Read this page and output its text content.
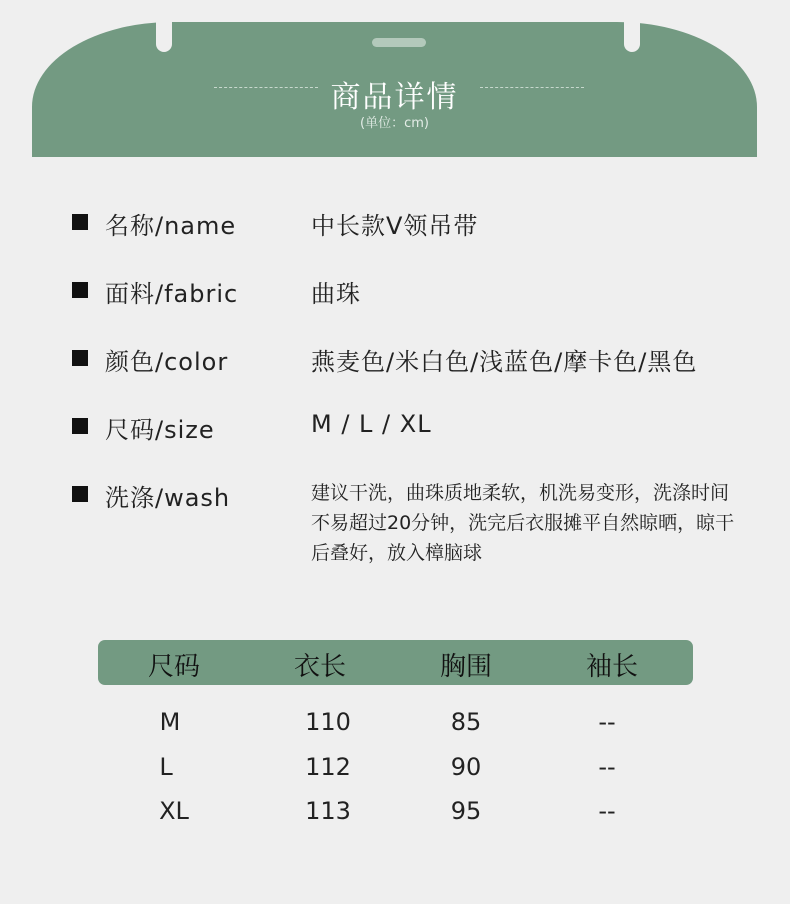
商品详情
(单位：cm)
名称/name	中长款V领吊带
面料/fabric	曲珠
颜色/color	燕麦色/米白色/浅蓝色/摩卡色/黑色
尺码/size	M / L / XL
洗涤/wash	建议干洗，曲珠质地柔软，机洗易变形，洗涤时间不易超过20分钟，洗完后衣服摊平自然晾晒，晾干后叠好，放入樟脑球
尺码	衣长	胸围	袖长
M	110	85	--
L	112	90	--
XL	113	95	--
